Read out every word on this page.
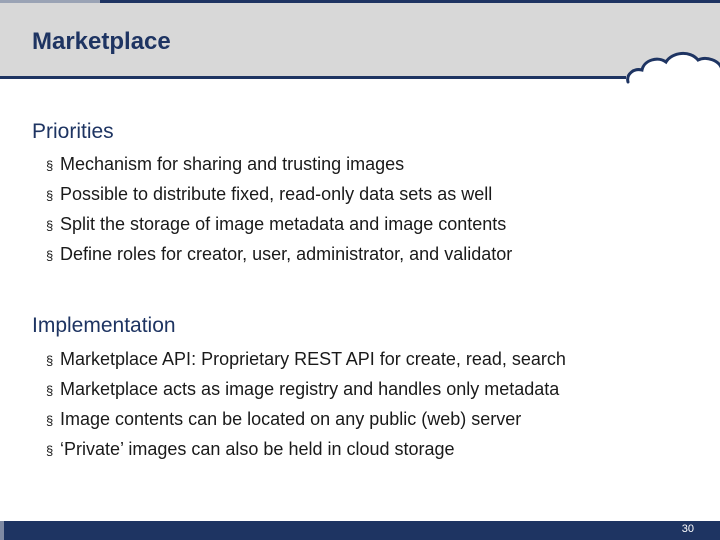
Marketplace
Priorities
§ Mechanism for sharing and trusting images
§ Possible to distribute fixed, read-only data sets as well
§ Split the storage of image metadata and image contents
§ Define roles for creator, user, administrator, and validator
Implementation
§ Marketplace API: Proprietary REST API for create, read, search
§ Marketplace acts as image registry and handles only metadata
§ Image contents can be located on any public (web) server
§ ‘Private’ images can also be held in cloud storage
30
